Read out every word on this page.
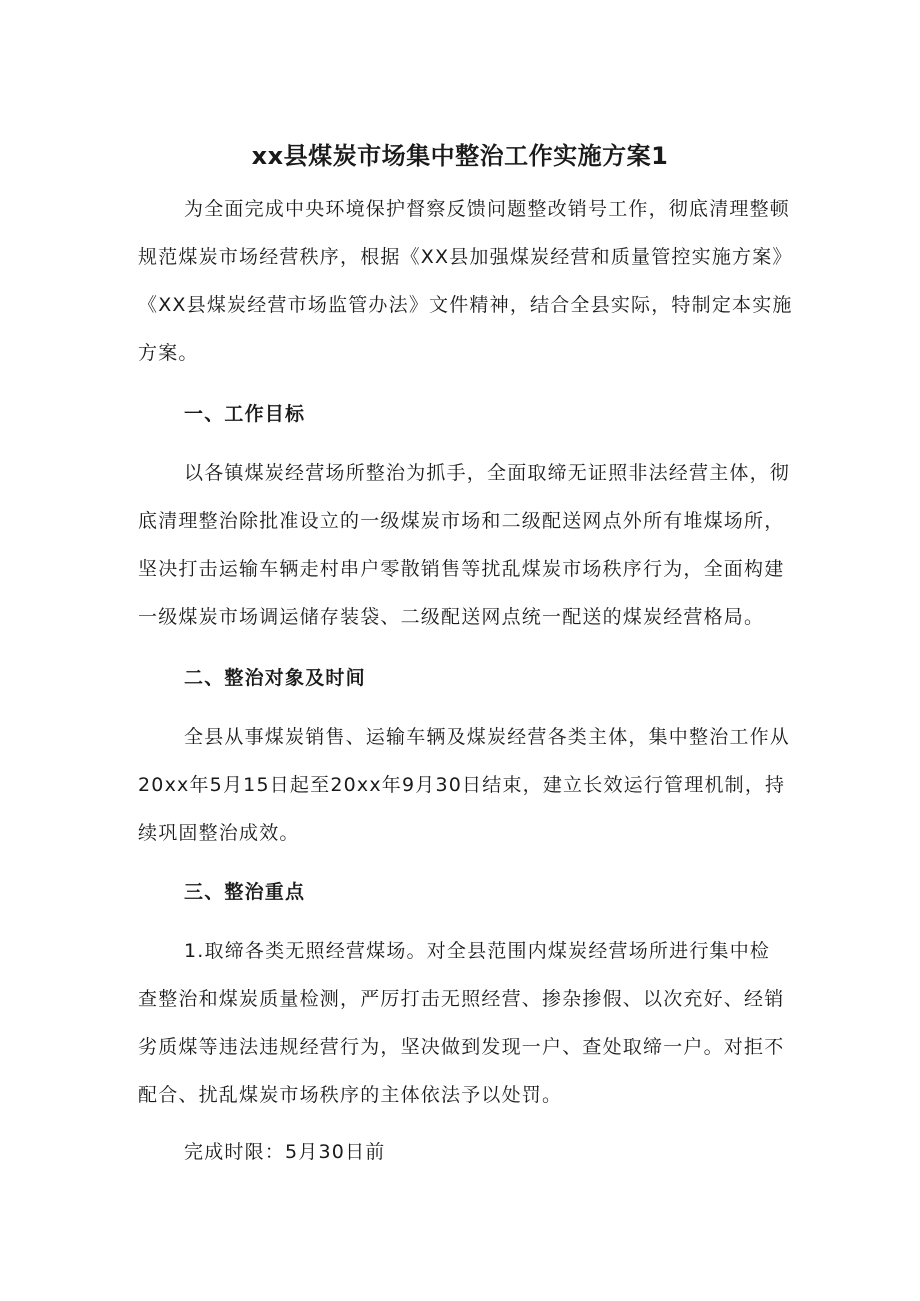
xx县煤炭市场集中整治工作实施方案1
为全面完成中央环境保护督察反馈问题整改销号工作，彻底清理整顿
规范煤炭市场经营秩序，根据《XX县加强煤炭经营和质量管控实施方案》
《XX县煤炭经营市场监管办法》文件精神，结合全县实际，特制定本实施
方案。
一、工作目标
以各镇煤炭经营场所整治为抓手，全面取缔无证照非法经营主体，彻
底清理整治除批准设立的一级煤炭市场和二级配送网点外所有堆煤场所，
坚决打击运输车辆走村串户零散销售等扰乱煤炭市场秩序行为，全面构建
一级煤炭市场调运储存装袋、二级配送网点统一配送的煤炭经营格局。
二、整治对象及时间
全县从事煤炭销售、运输车辆及煤炭经营各类主体，集中整治工作从
20xx年5月15日起至20xx年9月30日结束，建立长效运行管理机制，持
续巩固整治成效。
三、整治重点
1.取缔各类无照经营煤场。对全县范围内煤炭经营场所进行集中检
查整治和煤炭质量检测，严厉打击无照经营、掺杂掺假、以次充好、经销
劣质煤等违法违规经营行为，坚决做到发现一户、查处取缔一户。对拒不
配合、扰乱煤炭市场秩序的主体依法予以处罚。
完成时限：5月30日前
